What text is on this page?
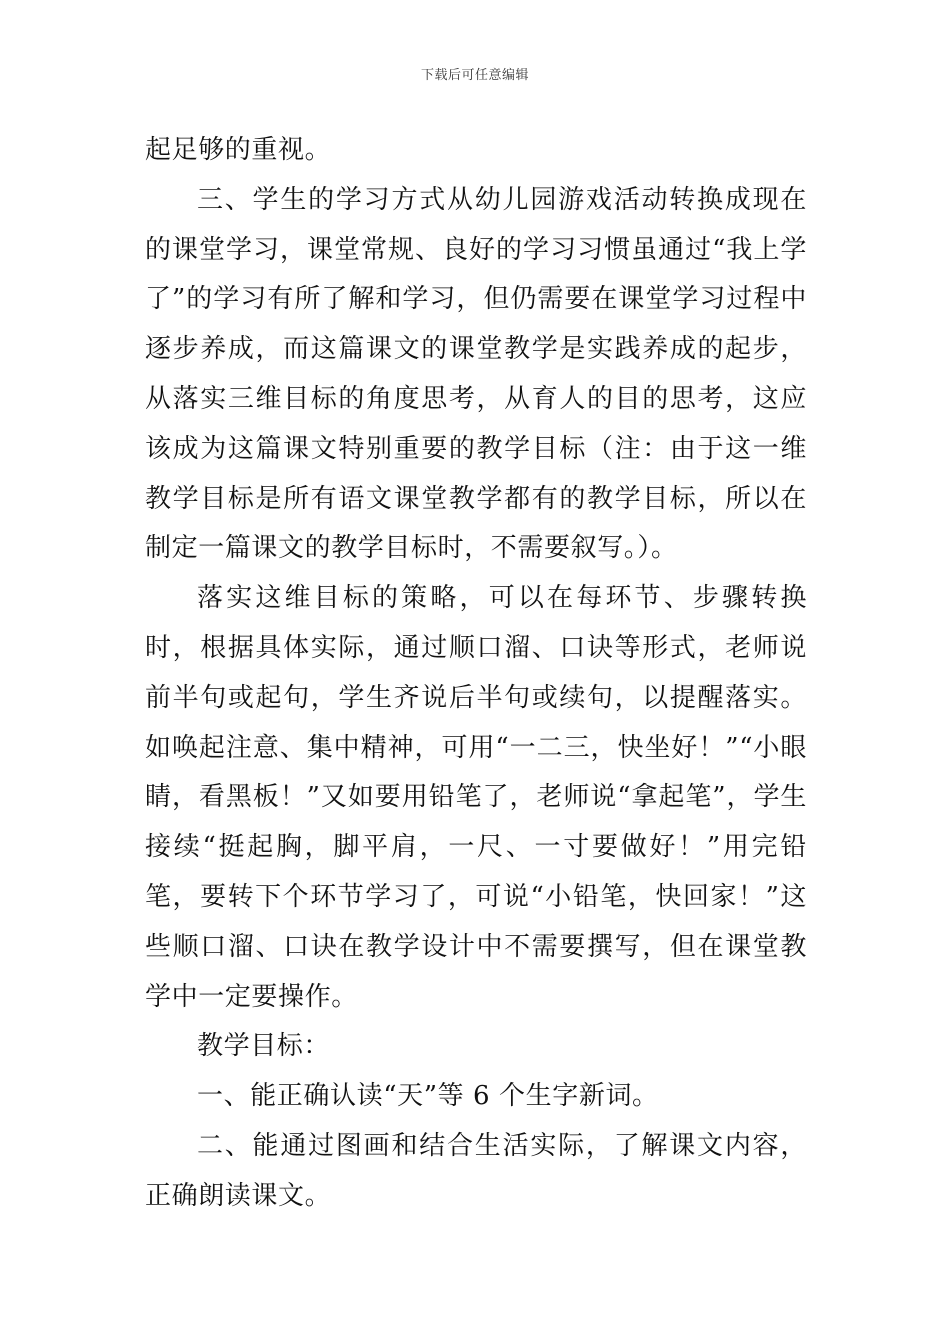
下载后可任意编辑

起足够的重视。

三、学生的学习方式从幼儿园游戏活动转换成现在的课堂学习，课堂常规、良好的学习习惯虽通过“我上学了”的学习有所了解和学习，但仍需要在课堂学习过程中逐步养成，而这篇课文的课堂教学是实践养成的起步，从落实三维目标的角度思考，从育人的目的思考，这应该成为这篇课文特别重要的教学目标（注：由于这一维教学目标是所有语文课堂教学都有的教学目标，所以在制定一篇课文的教学目标时，不需要叙写。）。

落实这维目标的策略，可以在每环节、步骤转换时，根据具体实际，通过顺口溜、口诀等形式，老师说前半句或起句，学生齐说后半句或续句，以提醒落实。如唤起注意、集中精神，可用“一二三，快坐好！”“小眼睛，看黑板！”又如要用铅笔了，老师说“拿起笔”，学生接续“挺起胸，脚平肩，一尺、一寸要做好！”用完铅笔，要转下个环节学习了，可说“小铅笔，快回家！”这些顺口溜、口诀在教学设计中不需要撰写，但在课堂教学中一定要操作。

教学目标：

一、能正确认读“天”等 6 个生字新词。

二、能通过图画和结合生活实际，了解课文内容，正确朗读课文。
